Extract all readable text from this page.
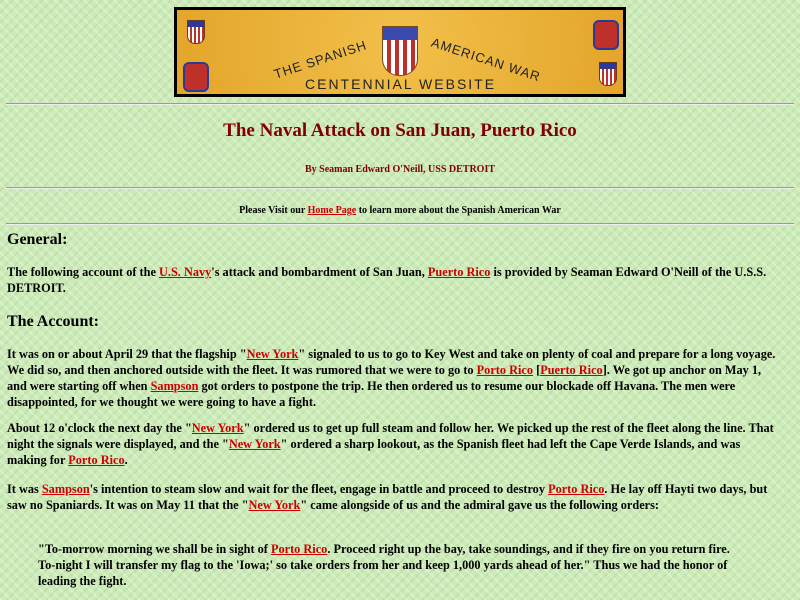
THE SPANISH	AMERICAN WAR
CENTENNIAL WEBSITE
The Naval Attack on San Juan, Puerto Rico
By Seaman Edward O'Neill, USS DETROIT
Please Visit our Home Page to learn more about the Spanish American War
General:
The Account:
The following account of the U.S. Navy's attack and bombardment of San Juan, Puerto Rico is provided by Seaman Edward O'Neill of the U.S.S.
DETROIT.
It was on or about April 29 that the flagship "New York" signaled to us to go to Key West and take on plenty of coal and prepare for a long voyage.
We did so, and then anchored outside with the fleet. It was rumored that we were to go to Porto Rico [Puerto Rico]. We got up anchor on May 1,
and were starting off when Sampson got orders to postpone the trip. He then ordered us to resume our blockade off Havana. The men were
disappointed, for we thought we were going to have a fight.
About 12 o'clock the next day the "New York" ordered us to get up full steam and follow her. We picked up the rest of the fleet along the line. That
night the signals were displayed, and the "New York" ordered a sharp lookout, as the Spanish fleet had left the Cape Verde Islands, and was
making for Porto Rico.
It was Sampson's intention to steam slow and wait for the fleet, engage in battle and proceed to destroy Porto Rico. He lay off Hayti two days, but
saw no Spaniards. It was on May 11 that the "New York" came alongside of us and the admiral gave us the following orders:
"To-morrow morning we shall be in sight of Porto Rico. Proceed right up the bay, take soundings, and if they fire on you return fire.
To-night I will transfer my flag to the 'Iowa;' so take orders from her and keep 1,000 yards ahead of her." Thus we had the honor of
leading the fight.
